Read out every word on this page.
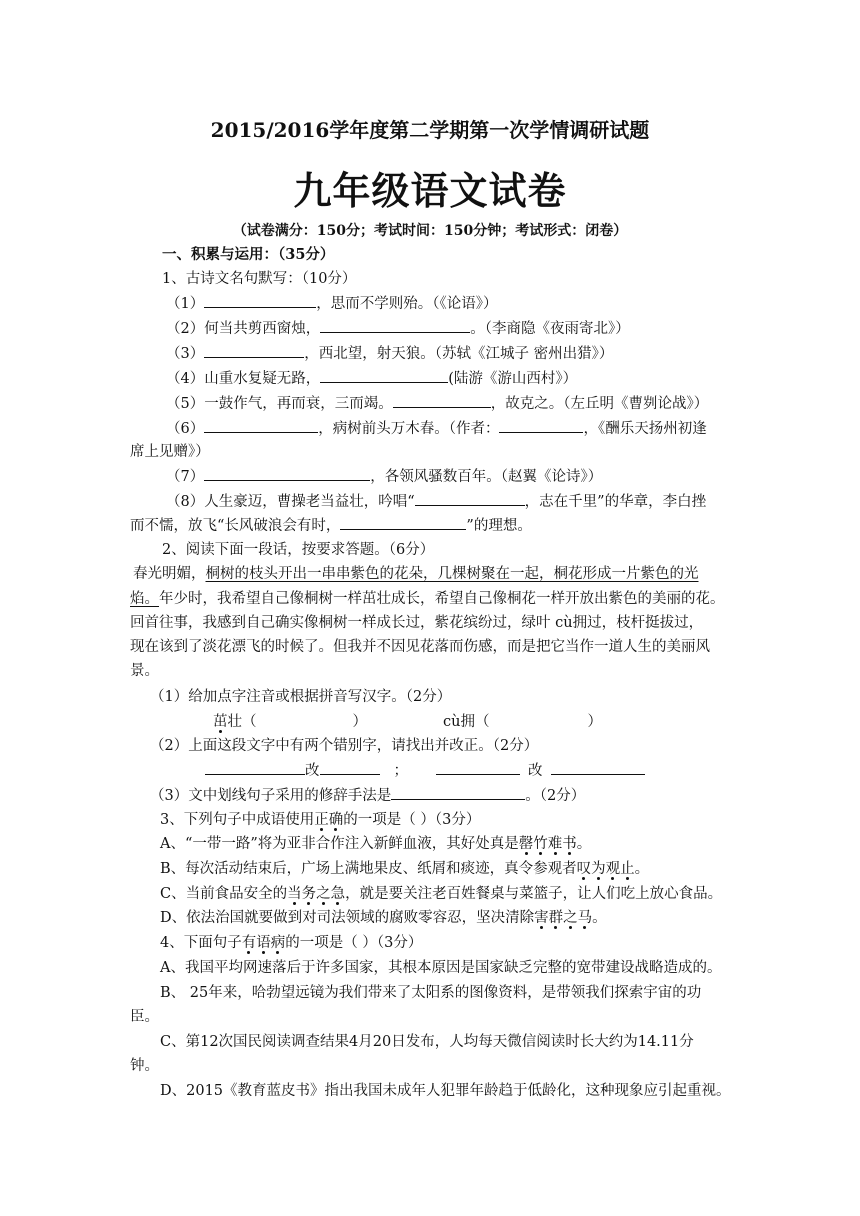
2015/2016学年度第二学期第一次学情调研试题
九年级语文试卷
（试卷满分：150分；考试时间：150分钟；考试形式：闭卷）
一、积累与运用：（35分）
1、古诗文名句默写：（10分）
（1）	，思而不学则殆。（《论语》）
（2）何当共剪西窗烛，	。（李商隐《夜雨寄北》）
（3）	，西北望，射天狼。（苏轼《江城子 密州出猎》）
（4）山重水复疑无路，	(陆游《游山西村》）
（5）一鼓作气，再而衰，三而竭。	，故克之。（左丘明《曹刿论战》）
（6）	，病树前头万木春。（作者：	，《酬乐天扬州初逢
席上见赠》）
（7）	，各领风骚数百年。（赵翼《论诗》）
（8）人生豪迈，曹操老当益壮，吟唱“	，志在千里”的华章，李白挫
而不懦，放飞“长风破浪会有时，	”的理想。
2、阅读下面一段话，按要求答题。（6分）
春光明媚，桐树的枝头开出一串串紫色的花朵，几棵树聚在一起，桐花形成一片紫色的光
焰。年少时，我希望自己像桐树一样茁壮成长，希望自己像桐花一样开放出紫色的美丽的花。
回首往事，我感到自己确实像桐树一样成长过，紫花缤纷过，绿叶 cù拥过，枝杆挺拔过，
现在该到了淡花漂飞的时候了。但我并不因见花落而伤感，而是把它当作一道人生的美丽风
景。
（1）给加点字注音或根据拼音写汉字。（2分）
茁壮（	）	cù拥（	）
（2）上面这段文字中有两个错别字，请找出并改正。（2分）
改	；	改
（3）文中划线句子采用的修辞手法是	。（2分）
3、下列句子中成语使用正确的一项是（ ）（3分）
A、“一带一路”将为亚非合作注入新鲜血液，其好处真是罄竹难书。
B、每次活动结束后，广场上满地果皮、纸屑和痰迹，真令参观者叹为观止。
C、当前食品安全的当务之急，就是要关注老百姓餐桌与菜篮子，让人们吃上放心食品。
D、依法治国就要做到对司法领域的腐败零容忍，坚决清除害群之马。
4、下面句子有语病的一项是（ ）（3分）
A、我国平均网速落后于许多国家，其根本原因是国家缺乏完整的宽带建设战略造成的。
B、 25年来，哈勃望远镜为我们带来了太阳系的图像资料，是带领我们探索宇宙的功
臣。
C、第12次国民阅读调查结果4月20日发布，人均每天微信阅读时长大约为14.11分
钟。
D、2015《教育蓝皮书》指出我国未成年人犯罪年龄趋于低龄化，这种现象应引起重视。
